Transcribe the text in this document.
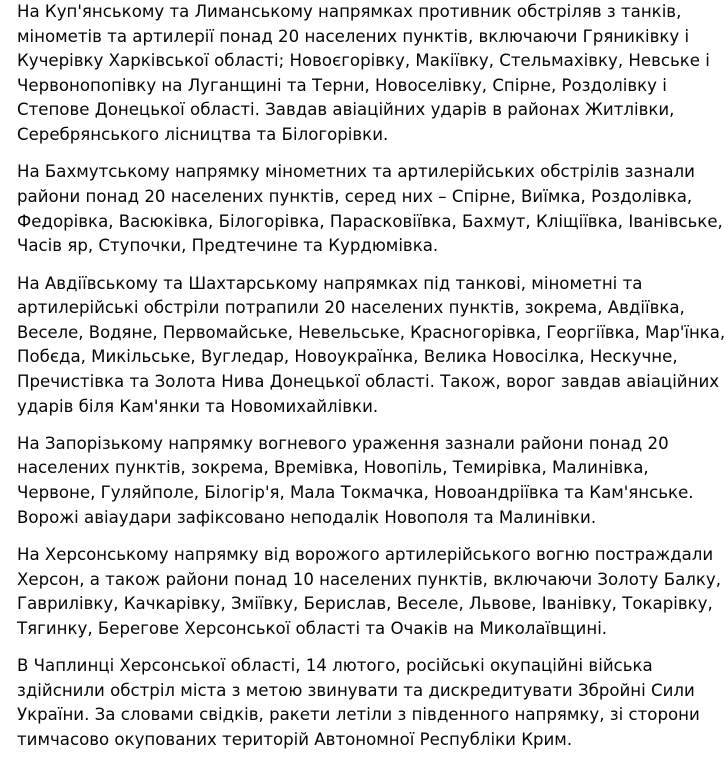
На Куп'янському та Лиманському напрямках противник обстріляв з танків,
мінометів та артилерії понад 20 населених пунктів, включаючи Гряниківку і
Кучерівку Харківської області; Новоєгорівку, Макіївку, Стельмахівку, Невське і
Червонопопівку на Луганщині та Терни, Новоселівку, Спірне, Роздолівку і
Степове Донецької області. Завдав авіаційних ударів в районах Житлівки,
Серебрянського лісництва та Білогорівки.
На Бахмутському напрямку мінометних та артилерійських обстрілів зазнали
райони понад 20 населених пунктів, серед них – Спірне, Виїмка, Роздолівка,
Федорівка, Васюківка, Білогорівка, Парасковіївка, Бахмут, Кліщіївка, Іванівське,
Часів яр, Ступочки, Предтечине та Курдюмівка.
На Авдіївському та Шахтарському напрямках під танкові, мінометні та
артилерійські обстріли потрапили 20 населених пунктів, зокрема, Авдіївка,
Веселе, Водяне, Первомайське, Невельське, Красногорівка, Георгіївка, Мар'їнка,
Побєда, Микільське, Вугледар, Новоукраїнка, Велика Новосілка, Нескучне,
Пречистівка та Золота Нива Донецької області. Також, ворог завдав авіаційних
ударів біля Кам'янки та Новомихайлівки.
На Запорізькому напрямку вогневого ураження зазнали райони понад 20
населених пунктів, зокрема, Времівка, Новопіль, Темирівка, Малинівка,
Червоне, Гуляйполе, Білогір'я, Мала Токмачка, Новоандріївка та Кам'янське.
Ворожі авіаудари зафіксовано неподалік Новополя та Малинівки.
На Херсонському напрямку від ворожого артилерійського вогню постраждали
Херсон, а також райони понад 10 населених пунктів, включаючи Золоту Балку,
Гаврилівку, Качкарівку, Зміївку, Берислав, Веселе, Львове, Іванівку, Токарівку,
Тягинку, Берегове Херсонської області та Очаків на Миколаївщині.
В Чаплинці Херсонської області, 14 лютого, російські окупаційні війська
здійснили обстріл міста з метою звинувати та дискредитувати Збройні Сили
України. За словами свідків, ракети летіли з південного напрямку, зі сторони
тимчасово окупованих територій Автономної Республіки Крим.
